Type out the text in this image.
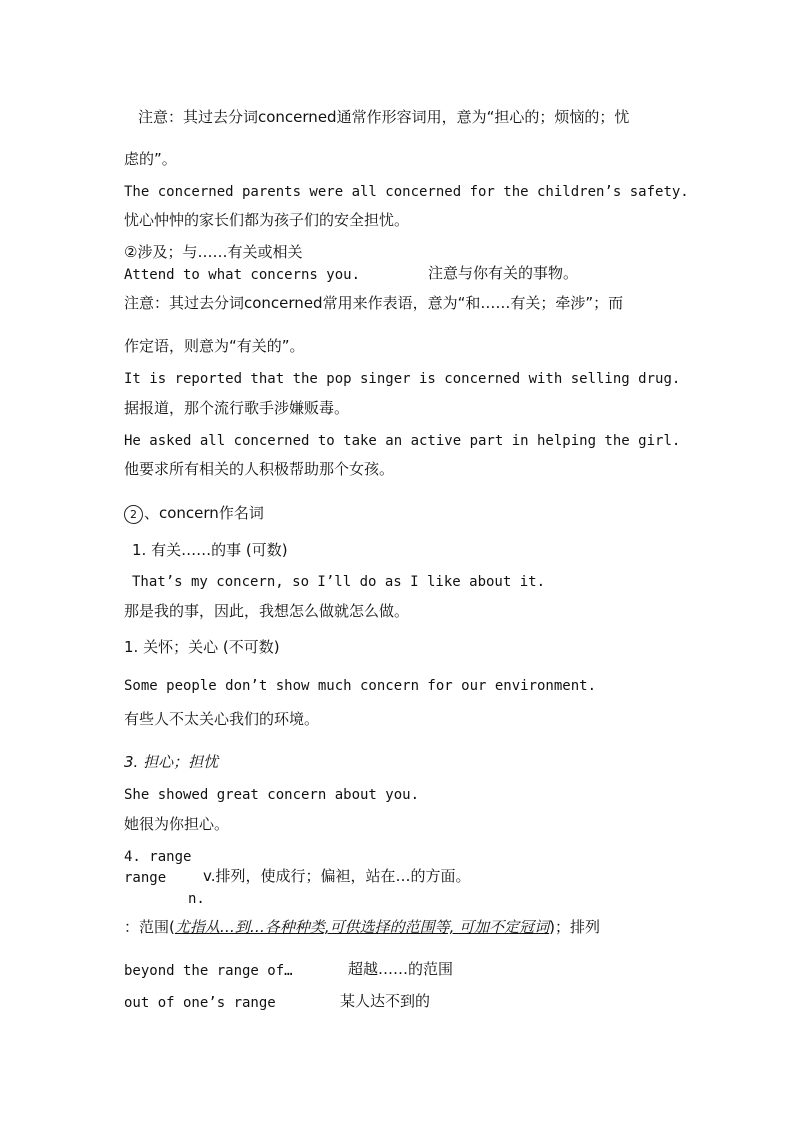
注意：其过去分词concerned通常作形容词用，意为“担心的；烦恼的；忧
虑的”。
The concerned parents were all concerned for the children’s safety.
忧心忡忡的家长们都为孩子们的安全担忧。
②涉及；与……有关或相关
Attend to what concerns you.	注意与你有关的事物。
注意：其过去分词concerned常用来作表语，意为“和……有关；牵涉”；而
作定语，则意为“有关的”。
It is reported that the pop singer is concerned with selling drug.
据报道，那个流行歌手涉嫌贩毒。
He asked all concerned to take an active part in helping the girl.
他要求所有相关的人积极帮助那个女孩。
2 、concern作名词
1. 有关……的事 (可数)
That’s my concern, so I’ll do as I like about it.
那是我的事，因此，我想怎么做就怎么做。
1. 关怀；关心 (不可数)
Some people don’t show much concern for our environment.
有些人不太关心我们的环境。
3. 担心；担忧
She showed great concern about you.
她很为你担心。
4. range
range v.排列，使成行；偏袒，站在…的方面。
n.
：范围(尤指从…到…各种种类,可供选择的范围等, 可加不定冠词)；排列
beyond the range of…	超越……的范围
out of one’s range	某人达不到的
